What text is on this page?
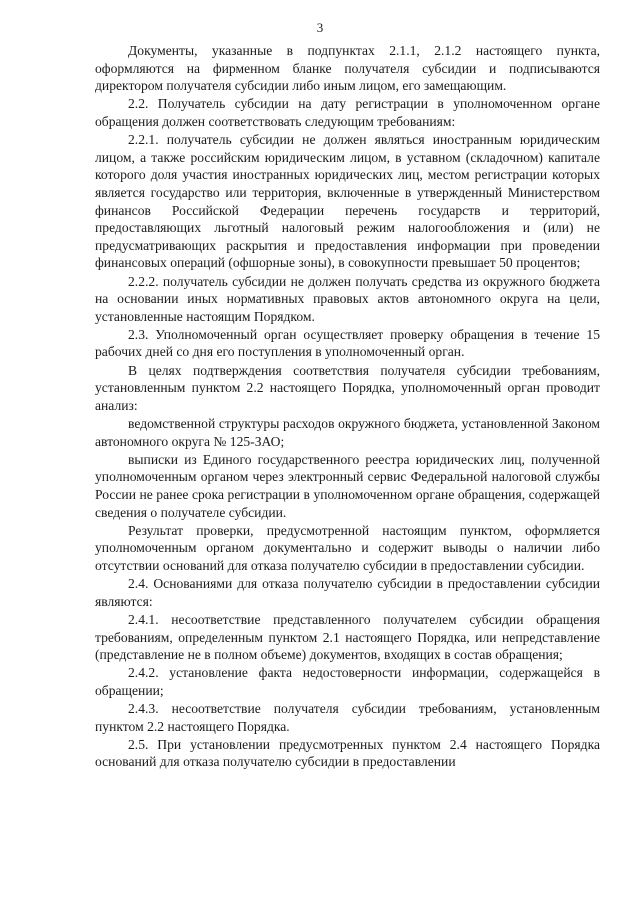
3

Документы, указанные в подпунктах 2.1.1, 2.1.2 настоящего пункта, оформляются на фирменном бланке получателя субсидии и подписываются директором получателя субсидии либо иным лицом, его замещающим.

2.2. Получатель субсидии на дату регистрации в уполномоченном органе обращения должен соответствовать следующим требованиям:

2.2.1. получатель субсидии не должен являться иностранным юридическим лицом, а также российским юридическим лицом, в уставном (складочном) капитале которого доля участия иностранных юридических лиц, местом регистрации которых является государство или территория, включенные в утвержденный Министерством финансов Российской Федерации перечень государств и территорий, предоставляющих льготный налоговый режим налогообложения и (или) не предусматривающих раскрытия и предоставления информации при проведении финансовых операций (офшорные зоны), в совокупности превышает 50 процентов;

2.2.2. получатель субсидии не должен получать средства из окружного бюджета на основании иных нормативных правовых актов автономного округа на цели, установленные настоящим Порядком.

2.3. Уполномоченный орган осуществляет проверку обращения в течение 15 рабочих дней со дня его поступления в уполномоченный орган.

В целях подтверждения соответствия получателя субсидии требованиям, установленным пунктом 2.2 настоящего Порядка, уполномоченный орган проводит анализ:

ведомственной структуры расходов окружного бюджета, установленной Законом автономного округа № 125-ЗАО;

выписки из Единого государственного реестра юридических лиц, полученной уполномоченным органом через электронный сервис Федеральной налоговой службы России не ранее срока регистрации в уполномоченном органе обращения, содержащей сведения о получателе субсидии.

Результат проверки, предусмотренной настоящим пунктом, оформляется уполномоченным органом документально и содержит выводы о наличии либо отсутствии оснований для отказа получателю субсидии в предоставлении субсидии.

2.4. Основаниями для отказа получателю субсидии в предоставлении субсидии являются:

2.4.1. несоответствие представленного получателем субсидии обращения требованиям, определенным пунктом 2.1 настоящего Порядка, или непредставление (представление не в полном объеме) документов, входящих в состав обращения;

2.4.2. установление факта недостоверности информации, содержащейся в обращении;

2.4.3. несоответствие получателя субсидии требованиям, установленным пунктом 2.2 настоящего Порядка.

2.5. При установлении предусмотренных пунктом 2.4 настоящего Порядка оснований для отказа получателю субсидии в предоставлении
